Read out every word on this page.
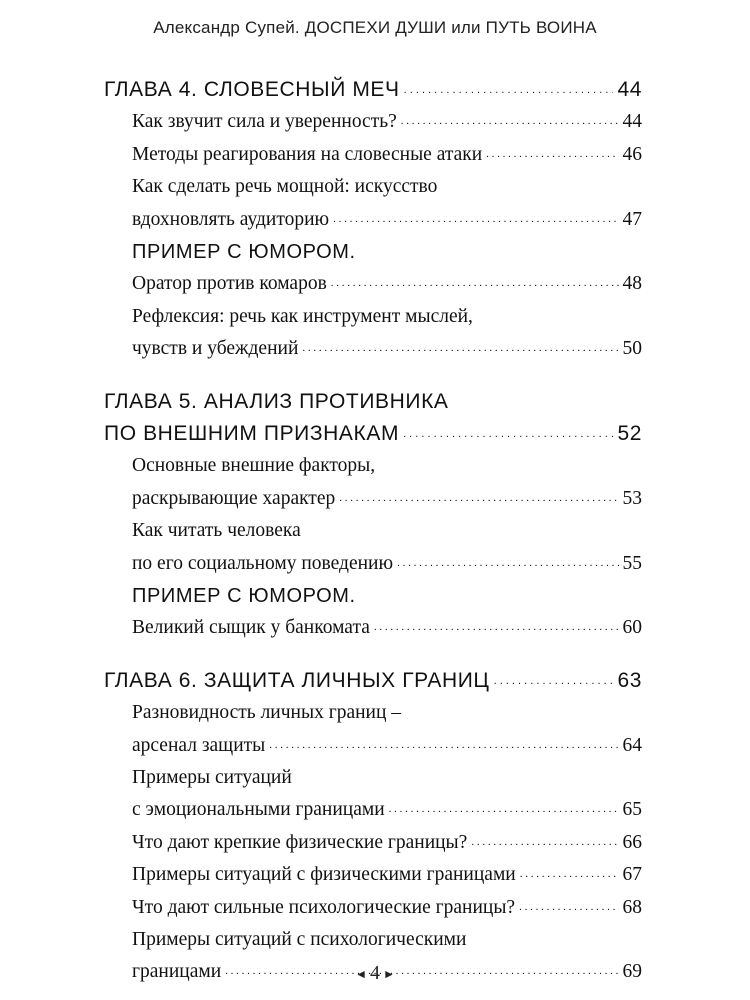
Александр Супей. ДОСПЕХИ ДУШИ или ПУТЬ ВОИНА
ГЛАВА 4. СЛОВЕСНЫЙ МЕЧ . . .	44
Как звучит сила и уверенность? . . .	44
Методы реагирования на словесные атаки . . .	46
Как сделать речь мощной: искусство
вдохновлять аудиторию . . .	47
ПРИМЕР С ЮМОРОМ.
Оратор против комаров . . .	48
Рефлексия: речь как инструмент мыслей,
чувств и убеждений . . .	50
ГЛАВА 5. АНАЛИЗ ПРОТИВНИКА
ПО ВНЕШНИМ ПРИЗНАКАМ . . .	52
Основные внешние факторы,
раскрывающие характер . . .	53
Как читать человека
по его социальному поведению . . .	55
ПРИМЕР С ЮМОРОМ.
Великий сыщик у банкомата . . .	60
ГЛАВА 6. ЗАЩИТА ЛИЧНЫХ ГРАНИЦ . . .	63
Разновидность личных границ –
арсенал защиты . . .	64
Примеры ситуаций
с эмоциональными границами . . .	65
Что дают крепкие физические границы? . . .	66
Примеры ситуаций с физическими границами . . .	67
Что дают сильные психологические границы? . . .	68
Примеры ситуаций с психологическими
границами . . .	69
◄ 4 ►
